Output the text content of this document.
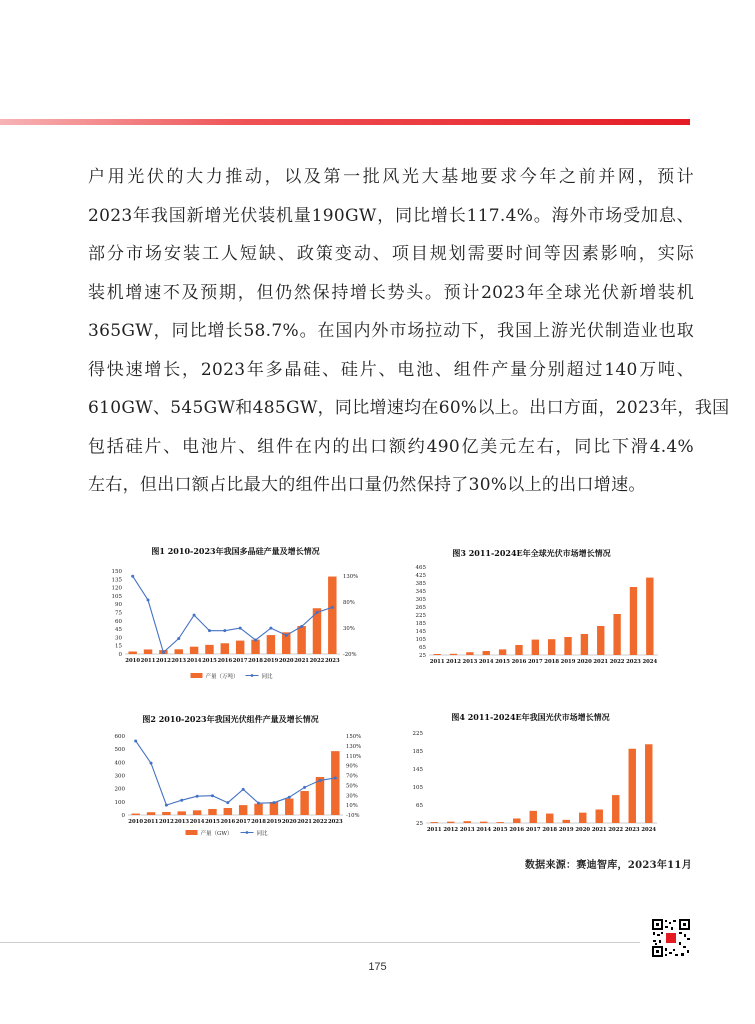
户用光伏的大力推动，以及第一批风光大基地要求今年之前并网，预计
2023年我国新增光伏装机量190GW，同比增长117.4%。海外市场受加息、
部分市场安装工人短缺、政策变动、项目规划需要时间等因素影响，实际
装机增速不及预期，但仍然保持增长势头。预计2023年全球光伏新增装机
365GW，同比增长58.7%。在国内外市场拉动下，我国上游光伏制造业也取
得快速增长，2023年多晶硅、硅片、电池、组件产量分别超过140万吨、
610GW、545GW和485GW，同比增速均在60%以上。出口方面，2023年，我国
包括硅片、电池片、组件在内的出口额约490亿美元左右，同比下滑4.4%
左右，但出口额占比最大的组件出口量仍然保持了30%以上的出口增速。
图1 2010-2023年我国多晶硅产量及增长情况
0
15
30
45
60
75
90
105
120
135
150
2010 2011 2012 2013 2014 2015 2016 2017 2018 2019 2020 2021 2022 2023
-20%
30%
80%
130%
产量（万吨）	同比
图3 2011-2024E年全球光伏市场增长情况
25
65
105
145
185
225
265
305
345
385
425
465
2011 2012 2013 2014 2015 2016 2017 2018 2019 2020 2021 2022 2023 2024
图2 2010-2023年我国光伏组件产量及增长情况
0
100
200
300
400
500
600
2010 2011 2012 2013 2014 2015 2016 2017 2018 2019 2020 2021 2022 2023
-10%
10%
30%
50%
70%
90%
110%
130%
150%
产量（GW）	同比
图4 2011-2024E年我国光伏市场增长情况
25
65
105
145
185
225
2011 2012 2013 2014 2015 2016 2017 2018 2019 2020 2021 2022 2023 2024
数据来源：赛迪智库，2023年11月
175
